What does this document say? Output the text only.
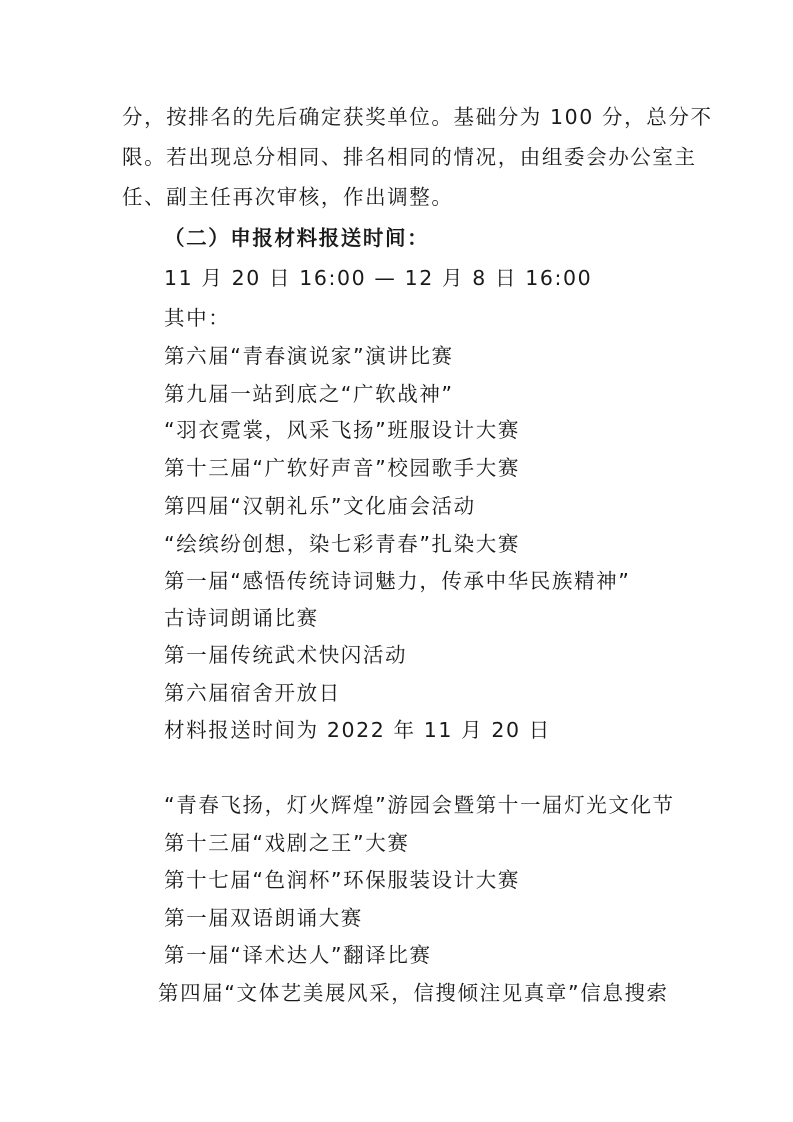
分，按排名的先后确定获奖单位。基础分为 100 分，总分不
限。若出现总分相同、排名相同的情况，由组委会办公室主
任、副主任再次审核，作出调整。
（二）申报材料报送时间：
11 月 20 日 16:00 — 12 月 8 日 16:00
其中：
第六届“青春演说家”演讲比赛
第九届一站到底之“广软战神”
“羽衣霓裳，风采飞扬”班服设计大赛
第十三届“广软好声音”校园歌手大赛
第四届“汉朝礼乐”文化庙会活动
“绘缤纷创想，染七彩青春”扎染大赛
第一届“感悟传统诗词魅力，传承中华民族精神”
古诗词朗诵比赛
第一届传统武术快闪活动
第六届宿舍开放日
材料报送时间为 2022 年 11 月 20 日
“青春飞扬，灯火辉煌”游园会暨第十一届灯光文化节
第十三届“戏剧之王”大赛
第十七届“色润杯”环保服装设计大赛
第一届双语朗诵大赛
第一届“译术达人”翻译比赛
第四届“文体艺美展风采，信搜倾注见真章”信息搜索
